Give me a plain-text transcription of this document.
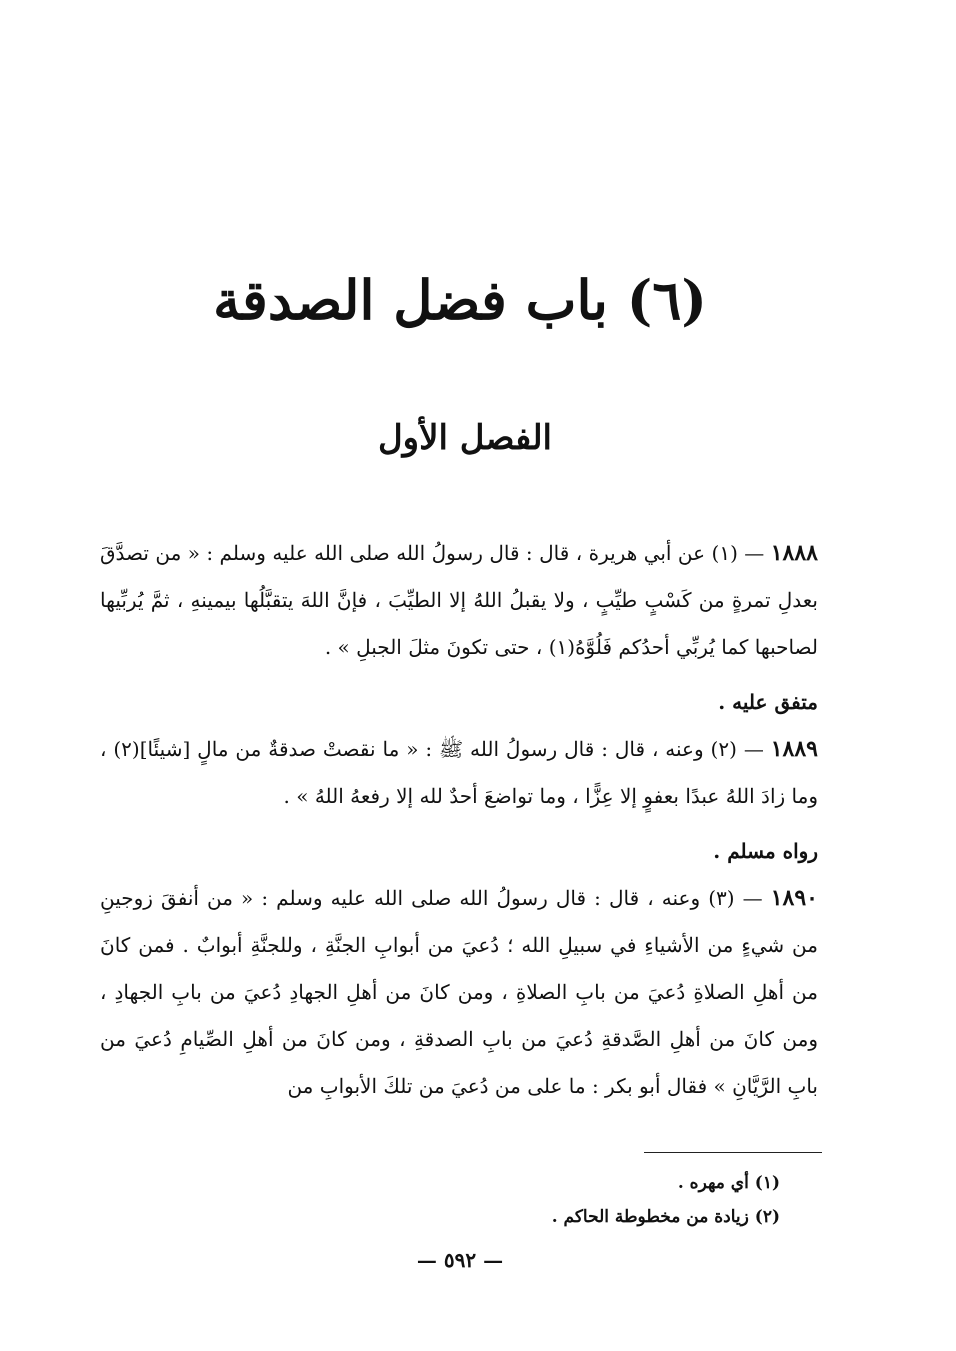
(٦) باب فضل الصدقة
الفصل الأول

١٨٨٨ — (١) عن أبي هريرة ، قال : قال رسولُ الله صلى الله عليه وسلم : « من تصدَّقَ بعدلِ تمرةٍ من كَسْبٍ طيِّبٍ ، ولا يقبلُ اللهُ إلا الطيِّبَ ، فإنَّ اللهَ يتقبَّلُها بيمينهِ ، ثمَّ يُربِّيها لصاحبها كما يُربِّي أحدُكم فَلُوَّهُ(١) ، حتى تكونَ مثلَ الجبلِ » .

متفق عليه .

١٨٨٩ — (٢) وعنه ، قال : قال رسولُ الله ﷺ : « ما نقصتْ صدقةٌ من مالٍ [شيئًا](٢) ، وما زادَ اللهُ عبدًا بعفوٍ إلا عِزًّا ، وما تواضعَ أحدٌ لله إلا رفعهُ اللهُ » .

رواه مسلم .

١٨٩٠ — (٣) وعنه ، قال : قال رسولُ الله صلى الله عليه وسلم : « من أنفقَ زوجينِ من شيءٍ من الأشياءِ في سبيلِ الله ؛ دُعيَ من أبوابِ الجنَّةِ ، وللجنَّةِ أبوابٌ . فمن كانَ من أهلِ الصلاةِ دُعيَ من بابِ الصلاةِ ، ومن كانَ من أهلِ الجهادِ دُعيَ من بابِ الجهادِ ، ومن كانَ من أهلِ الصَّدقةِ دُعيَ من بابِ الصدقةِ ، ومن كانَ من أهلِ الصِّيامِ دُعيَ من بابِ الرَّيَّانِ » فقال أبو بكر : ما على من دُعيَ من تلكَ الأبوابِ من

(١) أي مهره .

(٢) زيادة من مخطوطة الحاكم .

— ٥٩٢ —
